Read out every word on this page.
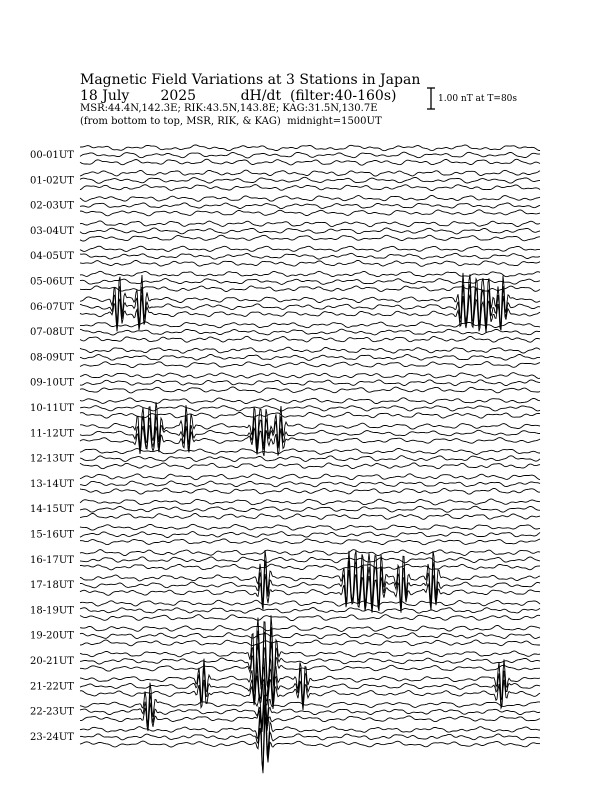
Magnetic Field Variations at 3 Stations in Japan
18 July 2025	dH/dt  (filter:40-160s)
MSR:44.4N,142.3E; RIK:43.5N,143.8E; KAG:31.5N,130.7E
(from bottom to top, MSR, RIK, & KAG) midnight=1500UT
1.00 nT at T=80s
00-01UT
01-02UT
02-03UT
03-04UT
04-05UT
05-06UT
06-07UT
07-08UT
08-09UT
09-10UT
10-11UT
11-12UT
12-13UT
13-14UT
14-15UT
15-16UT
16-17UT
17-18UT
18-19UT
19-20UT
20-21UT
21-22UT
22-23UT
23-24UT
